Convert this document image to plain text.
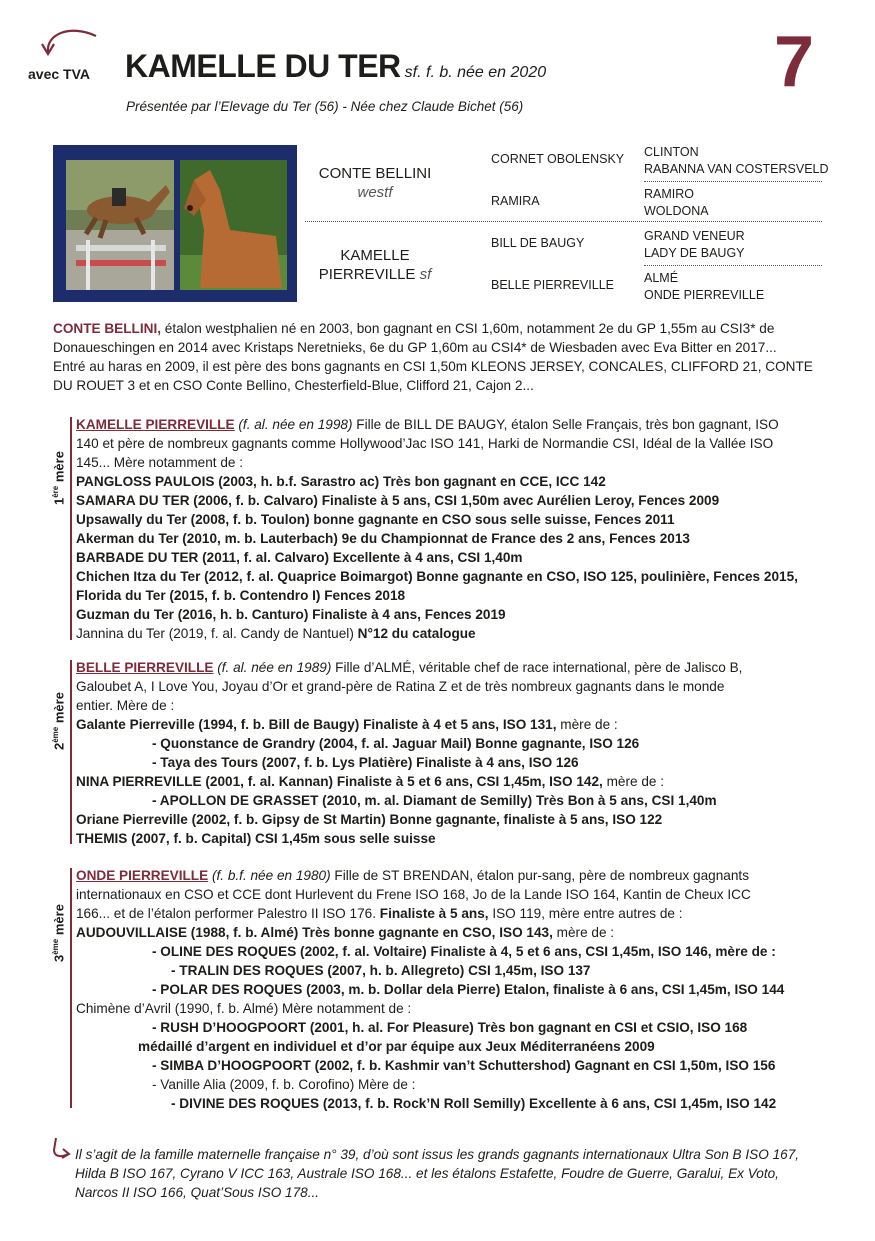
avec TVA KAMELLE DU TER sf. f. b. née en 2020
Présentée par l’Elevage du Ter (56) - Née chez Claude Bichet (56)
7
CONTE BELLINI
westf
KAMELLE
PIERREVILLE sf
CORNET OBOLENSKY
RAMIRA
BILL DE BAUGY
BELLE PIERREVILLE
CLINTON
RABANNA VAN COSTERSVELD
RAMIRO
WOLDONA
GRAND VENEUR
LADY DE BAUGY
ALMÉ
ONDE PIERREVILLE
CONTE BELLINI, étalon westphalien né en 2003, bon gagnant en CSI 1,60m, notamment 2e du GP 1,55m au CSI3* de
Donaueschingen en 2014 avec Kristaps Neretnieks, 6e du GP 1,60m au CSI4* de Wiesbaden avec Eva Bitter en 2017...
Entré au haras en 2009, il est père des bons gagnants en CSI 1,50m KLEONS JERSEY, CONCALES, CLIFFORD 21, CONTE
DU ROUET 3 et en CSO Conte Bellino, Chesterfield-Blue, Clifford 21, Cajon 2...
1ère mère
KAMELLE PIERREVILLE (f. al. née en 1998) Fille de BILL DE BAUGY, étalon Selle Français, très bon gagnant, ISO
140 et père de nombreux gagnants comme Hollywood’Jac ISO 141, Harki de Normandie CSI, Idéal de la Vallée ISO
145... Mère notamment de :
PANGLOSS PAULOIS (2003, h. b.f. Sarastro ac) Très bon gagnant en CCE, ICC 142
SAMARA DU TER (2006, f. b. Calvaro) Finaliste à 5 ans, CSI 1,50m avec Aurélien Leroy, Fences 2009
Upsawally du Ter (2008, f. b. Toulon) bonne gagnante en CSO sous selle suisse, Fences 2011
Akerman du Ter (2010, m. b. Lauterbach) 9e du Championnat de France des 2 ans, Fences 2013
BARBADE DU TER (2011, f. al. Calvaro) Excellente à 4 ans, CSI 1,40m
Chichen Itza du Ter (2012, f. al. Quaprice Boimargot) Bonne gagnante en CSO, ISO 125, poulinière, Fences 2015,
Florida du Ter (2015, f. b. Contendro I) Fences 2018
Guzman du Ter (2016, h. b. Canturo) Finaliste à 4 ans, Fences 2019
Jannina du Ter (2019, f. al. Candy de Nantuel) N°12 du catalogue
2ème mère
BELLE PIERREVILLE (f. al. née en 1989) Fille d’ALMÉ, véritable chef de race international, père de Jalisco B,
Galoubet A, I Love You, Joyau d’Or et grand-père de Ratina Z et de très nombreux gagnants dans le monde
entier. Mère de :
Galante Pierreville (1994, f. b. Bill de Baugy) Finaliste à 4 et 5 ans, ISO 131, mère de :
- Quonstance de Grandry (2004, f. al. Jaguar Mail) Bonne gagnante, ISO 126
- Taya des Tours (2007, f. b. Lys Platière) Finaliste à 4 ans, ISO 126
NINA PIERREVILLE (2001, f. al. Kannan) Finaliste à 5 et 6 ans, CSI 1,45m, ISO 142, mère de :
- APOLLON DE GRASSET (2010, m. al. Diamant de Semilly) Très Bon à 5 ans, CSI 1,40m
Oriane Pierreville (2002, f. b. Gipsy de St Martin) Bonne gagnante, finaliste à 5 ans, ISO 122
THEMIS (2007, f. b. Capital) CSI 1,45m sous selle suisse
3ème mère
ONDE PIERREVILLE (f. b.f. née en 1980) Fille de ST BRENDAN, étalon pur-sang, père de nombreux gagnants
internationaux en CSO et CCE dont Hurlevent du Frene ISO 168, Jo de la Lande ISO 164, Kantin de Cheux ICC
166... et de l’étalon performer Palestro II ISO 176. Finaliste à 5 ans, ISO 119, mère entre autres de :
AUDOUVILLAISE (1988, f. b. Almé) Très bonne gagnante en CSO, ISO 143, mère de :
- OLINE DES ROQUES (2002, f. al. Voltaire) Finaliste à 4, 5 et 6 ans, CSI 1,45m, ISO 146, mère de :
- TRALIN DES ROQUES (2007, h. b. Allegreto) CSI 1,45m, ISO 137
- POLAR DES ROQUES (2003, m. b. Dollar dela Pierre) Etalon, finaliste à 6 ans, CSI 1,45m, ISO 144
Chimène d’Avril (1990, f. b. Almé) Mère notamment de :
- RUSH D’HOOGPOORT (2001, h. al. For Pleasure) Très bon gagnant en CSI et CSIO, ISO 168
médaillé d’argent en individuel et d’or par équipe aux Jeux Méditerranéens 2009
- SIMBA D’HOOGPOORT (2002, f. b. Kashmir van’t Schuttershod) Gagnant en CSI 1,50m, ISO 156
- Vanille Alia (2009, f. b. Corofino) Mère de :
- DIVINE DES ROQUES (2013, f. b. Rock’N Roll Semilly) Excellente à 6 ans, CSI 1,45m, ISO 142
Il s’agit de la famille maternelle française n° 39, d’où sont issus les grands gagnants internationaux Ultra Son B ISO 167, Hilda B ISO 167, Cyrano V ICC 163, Australe ISO 168... et les étalons Estafette, Foudre de Guerre, Garalui, Ex Voto, Narcos II ISO 166, Quat’Sous ISO 178...
